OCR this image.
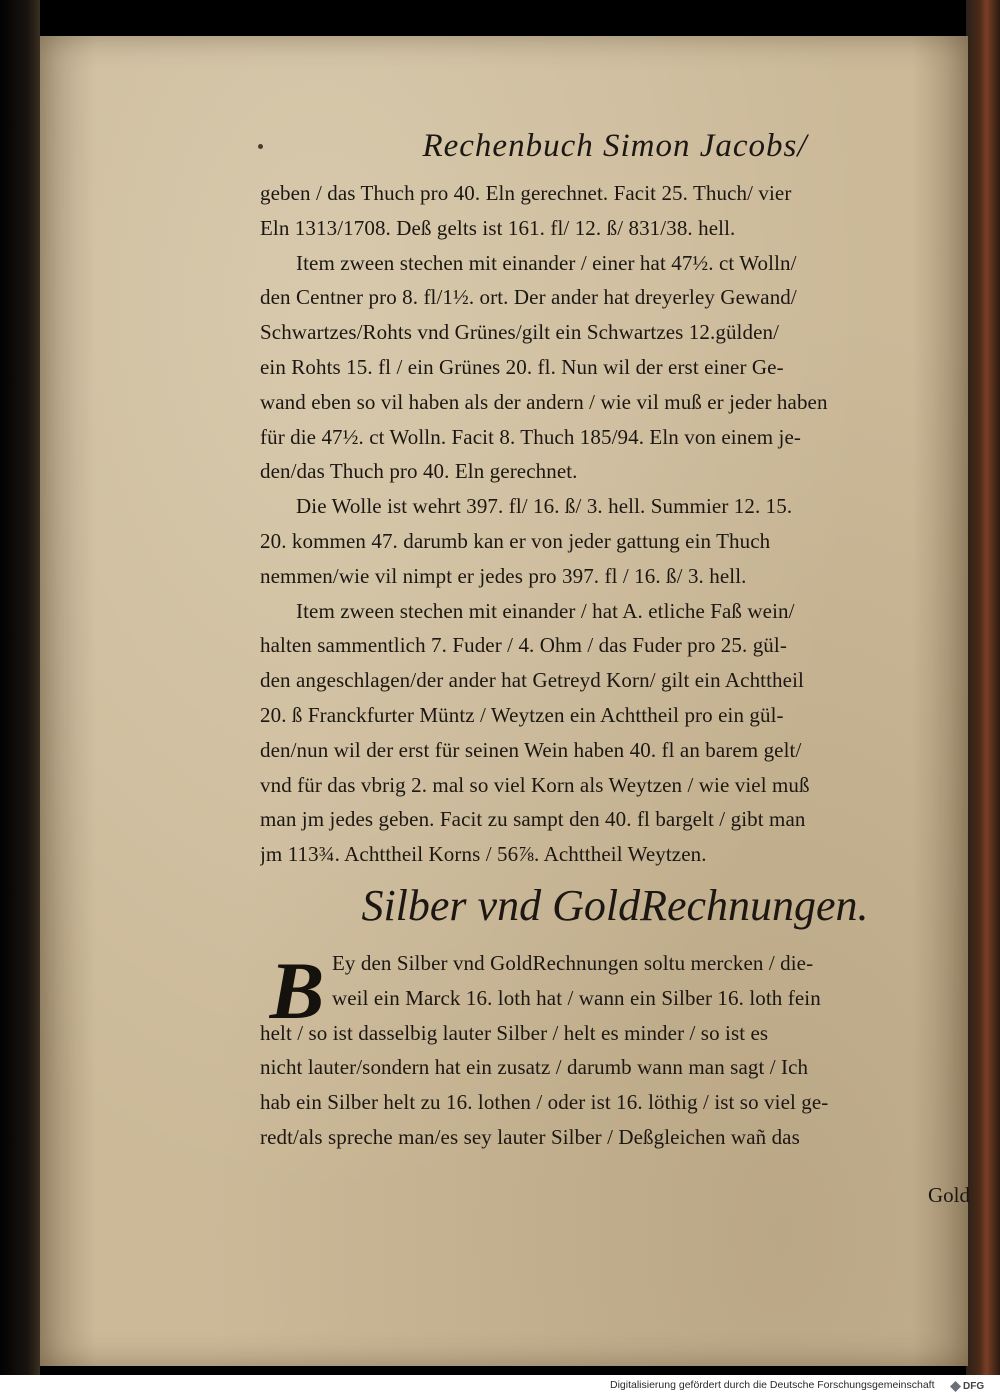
Rechenbuch Simon Jacobs/

geben / das Thuch pro 40. Eln gerechnet. Facit 25. Thuch/ vier
Eln 1313/1708. Deß gelts ist 161. fl/ 12. ß/ 831/38. hell.
Item zween stechen mit einander / einer hat 47½. ct Wolln/
den Centner pro 8. fl/1½. ort. Der ander hat dreyerley Gewand/
Schwartzes/Rohts vnd Grünes/gilt ein Schwartzes 12.gülden/
ein Rohts 15. fl / ein Grünes 20. fl. Nun wil der erst einer Ge-
wand eben so vil haben als der andern / wie vil muß er jeder haben
für die 47½. ct Wolln. Facit 8. Thuch 185/94. Eln von einem je-
den/das Thuch pro 40. Eln gerechnet.
Die Wolle ist wehrt 397. fl/ 16. ß/ 3. hell. Summier 12. 15.
20. kommen 47. darumb kan er von jeder gattung ein Thuch
nemmen/wie vil nimpt er jedes pro 397. fl / 16. ß/ 3. hell.
Item zween stechen mit einander / hat A. etliche Faß wein/
halten sammentlich 7. Fuder / 4. Ohm / das Fuder pro 25. gül-
den angeschlagen/der ander hat Getreyd Korn/ gilt ein Achttheil
20. ß Franckfurter Müntz / Weytzen ein Achttheil pro ein gül-
den/nun wil der erst für seinen Wein haben 40. fl an barem gelt/
vnd für das vbrig 2. mal so viel Korn als Weytzen / wie viel muß
man jm jedes geben. Facit zu sampt den 40. fl bargelt / gibt man
jm 113¾. Achttheil Korns / 56⅞. Achttheil Weytzen.

Silber vnd GoldRechnungen.

B Ey den Silber vnd GoldRechnungen soltu mercken / die-
weil ein Marck 16. loth hat / wann ein Silber 16. loth fein
helt / so ist dasselbig lauter Silber / helt es minder / so ist es
nicht lauter/sondern hat ein zusatz / darumb wann man sagt / Ich
hab ein Silber helt zu 16. lothen / oder ist 16. löthig / ist so viel ge-
redt/als spreche man/es sey lauter Silber / Deßgleichen wañ das
Gold
Digitalisierung gefördert durch die Deutsche Forschungsgemeinschaft	DFG
